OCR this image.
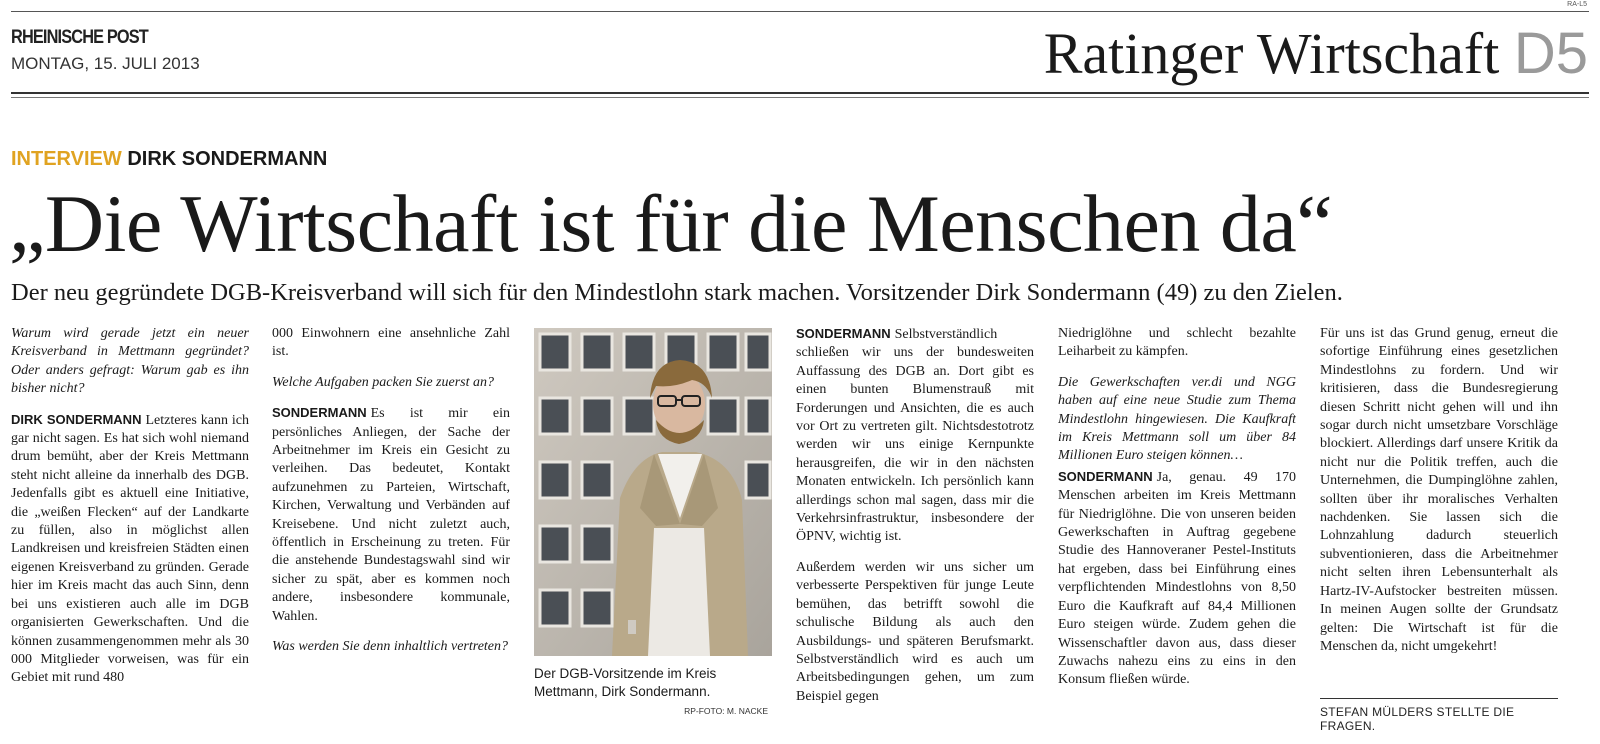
RA-L5
RHEINISCHE POST
MONTAG, 15. JULI 2013	Ratinger Wirtschaft D5
INTERVIEW DIRK SONDERMANN
„Die Wirtschaft ist für die Menschen da“
Der neu gegründete DGB-Kreisverband will sich für den Mindestlohn stark machen. Vorsitzender Dirk Sondermann (49) zu den Zielen.

Warum wird gerade jetzt ein neuer Kreisverband in Mettmann gegründet? Oder anders gefragt: Warum gab es ihn bisher nicht?

DIRK SONDERMANN Letzteres kann ich gar nicht sagen. Es hat sich wohl niemand drum bemüht, aber der Kreis Mettmann steht nicht alleine da innerhalb des DGB. Jedenfalls gibt es aktuell eine Initiative, die „weißen Flecken“ auf der Landkarte zu füllen, also in möglichst allen Landkreisen und kreisfreien Städten einen eigenen Kreisverband zu gründen. Gerade hier im Kreis macht das auch Sinn, denn bei uns existieren auch alle im DGB organisierten Gewerkschaften. Und die können zusammengenommen mehr als 30 000 Mitglieder vorweisen, was für ein Gebiet mit rund 480

000 Einwohnern eine ansehnliche Zahl ist.

Welche Aufgaben packen Sie zuerst an?

SONDERMANN Es ist mir ein persönliches Anliegen, der Sache der Arbeitnehmer im Kreis ein Gesicht zu verleihen. Das bedeutet, Kontakt aufzunehmen zu Parteien, Wirtschaft, Kirchen, Verwaltung und Verbänden auf Kreisebene. Und nicht zuletzt auch, öffentlich in Erscheinung zu treten. Für die anstehende Bundestagswahl sind wir sicher zu spät, aber es kommen noch andere, insbesondere kommunale, Wahlen.

Was werden Sie denn inhaltlich vertreten?

Der DGB-Vorsitzende im Kreis Mettmann, Dirk Sondermann.
RP-FOTO: M. NACKE

SONDERMANN Selbstverständlich schließen wir uns der bundesweiten Auffassung des DGB an. Dort gibt es einen bunten Blumenstrauß mit Forderungen und Ansichten, die es auch vor Ort zu vertreten gilt. Nichtsdestotrotz werden wir uns einige Kernpunkte herausgreifen, die wir in den nächsten Monaten entwickeln. Ich persönlich kann allerdings schon mal sagen, dass mir die Verkehrsinfrastruktur, insbesondere der ÖPNV, wichtig ist.

Außerdem werden wir uns sicher um verbesserte Perspektiven für junge Leute bemühen, das betrifft sowohl die schulische Bildung als auch den Ausbildungs- und späteren Berufsmarkt. Selbstverständlich wird es auch um Arbeitsbedingungen gehen, um zum Beispiel gegen

Niedriglöhne und schlecht bezahlte Leiharbeit zu kämpfen.

Die Gewerkschaften ver.di und NGG haben auf eine neue Studie zum Thema Mindestlohn hingewiesen. Die Kaufkraft im Kreis Mettmann soll um über 84 Millionen Euro steigen können…

SONDERMANN Ja, genau. 49 170 Menschen arbeiten im Kreis Mettmann für Niedriglöhne. Die von unseren beiden Gewerkschaften in Auftrag gegebene Studie des Hannoveraner Pestel-Instituts hat ergeben, dass bei Einführung eines verpflichtenden Mindestlohns von 8,50 Euro die Kaufkraft auf 84,4 Millionen Euro steigen würde. Zudem gehen die Wissenschaftler davon aus, dass dieser Zuwachs nahezu eins zu eins in den Konsum fließen würde.

Für uns ist das Grund genug, erneut die sofortige Einführung eines gesetzlichen Mindestlohns zu fordern. Und wir kritisieren, dass die Bundesregierung diesen Schritt nicht gehen will und ihn sogar durch nicht umsetzbare Vorschläge blockiert. Allerdings darf unsere Kritik da nicht nur die Politik treffen, auch die Unternehmen, die Dumpinglöhne zahlen, sollten über ihr moralisches Verhalten nachdenken. Sie lassen sich die Lohnzahlung dadurch steuerlich subventionieren, dass die Arbeitnehmer nicht selten ihren Lebensunterhalt als Hartz-IV-Aufstocker bestreiten müssen. In meinen Augen sollte der Grundsatz gelten: Die Wirtschaft ist für die Menschen da, nicht umgekehrt!

STEFAN MÜLDERS STELLTE DIE FRAGEN.
